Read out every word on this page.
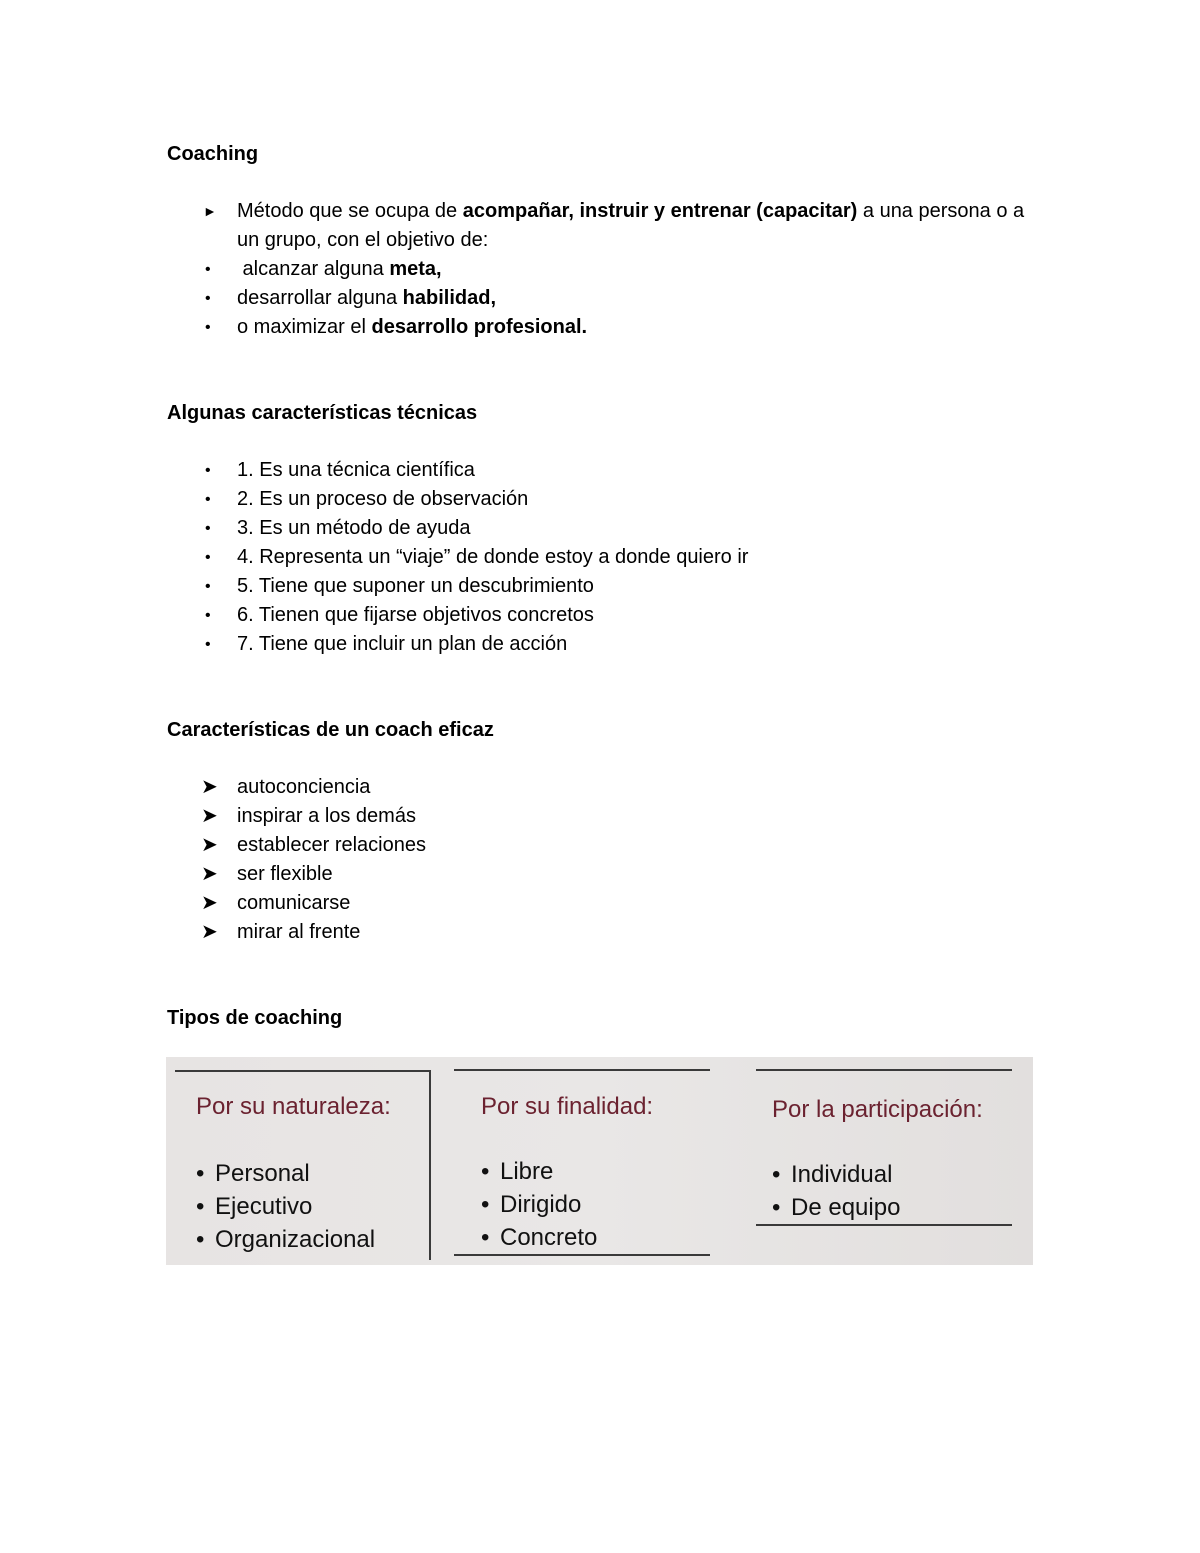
Coaching

►	Método que se ocupa de acompañar, instruir y entrenar (capacitar) a una persona o a un grupo, con el objetivo de:
•	alcanzar alguna meta,
•	desarrollar alguna habilidad,
•	o maximizar el desarrollo profesional.

Algunas características técnicas

•	1. Es una técnica científica
•	2. Es un proceso de observación
•	3. Es un método de ayuda
•	4. Representa un “viaje” de donde estoy a donde quiero ir
•	5. Tiene que suponer un descubrimiento
•	6. Tienen que fijarse objetivos concretos
•	7. Tiene que incluir un plan de acción

Características de un coach eficaz

➤ autoconciencia
➤ inspirar a los demás
➤ establecer relaciones
➤ ser flexible
➤ comunicarse
➤ mirar al frente

Tipos de coaching

Por su naturaleza:
• Personal
• Ejecutivo
• Organizacional
Por su finalidad:
• Libre
• Dirigido
• Concreto
Por la participación:
• Individual
• De equipo
